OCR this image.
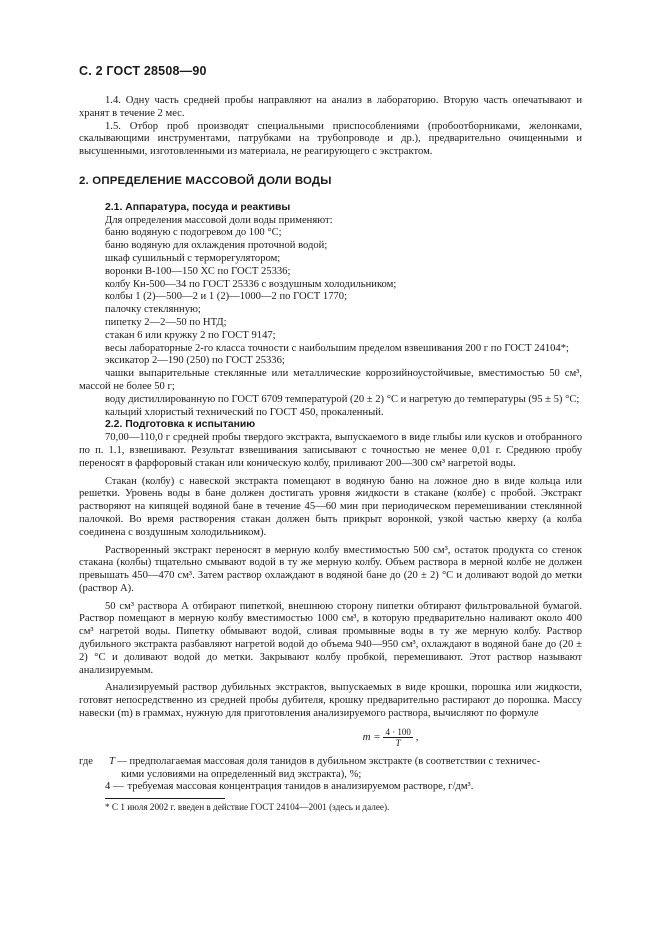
С. 2 ГОСТ 28508—90

1.4. Одну часть средней пробы направляют на анализ в лабораторию. Вторую часть опечатывают и хранят в течение 2 мес.

1.5. Отбор проб производят специальными приспособлениями (пробоотборниками, желонками, скалывающими инструментами, патрубками на трубопроводе и др.), предварительно очищенными и высушенными, изготовленными из материала, не реагирующего с экстрактом.

2. ОПРЕДЕЛЕНИЕ МАССОВОЙ ДОЛИ ВОДЫ

2.1. Аппаратура, посуда и реактивы

Для определения массовой доли воды применяют:

баню водяную с подогревом до 100 °С;

баню водяную для охлаждения проточной водой;

шкаф сушильный с терморегулятором;

воронки В-100—150 ХС по ГОСТ 25336;

колбу Кн-500—34 по ГОСТ 25336 с воздушным холодильником;

колбы 1 (2)—500—2 и 1 (2)—1000—2 по ГОСТ 1770;

палочку стеклянную;

пипетку 2—2—50 по НТД;

стакан 6 или кружку 2 по ГОСТ 9147;

весы лабораторные 2-го класса точности с наибольшим пределом взвешивания 200 г по ГОСТ 24104*;

эксикатор 2—190 (250) по ГОСТ 25336;

чашки выпарительные стеклянные или металлические коррозийноустойчивые, вместимостью 50 см³, массой не более 50 г;

воду дистиллированную по ГОСТ 6709 температурой (20 ± 2) °С и нагретую до температуры (95 ± 5) °С;

кальций хлористый технический по ГОСТ 450, прокаленный.

2.2. Подготовка к испытанию

70,00—110,0 г средней пробы твердого экстракта, выпускаемого в виде глыбы или кусков и отобранного по п. 1.1, взвешивают. Результат взвешивания записывают с точностью не менее 0,01 г. Среднюю пробу переносят в фарфоровый стакан или коническую колбу, приливают 200—300 см³ нагретой воды.

Стакан (колбу) с навеской экстракта помещают в водяную баню на ложное дно в виде кольца или решетки. Уровень воды в бане должен достигать уровня жидкости в стакане (колбе) с пробой. Экстракт растворяют на кипящей водяной бане в течение 45—60 мин при периодическом перемешивании стеклянной палочкой. Во время растворения стакан должен быть прикрыт воронкой, узкой частью кверху (а колба соединена с воздушным холодильником).

Растворенный экстракт переносят в мерную колбу вместимостью 500 см³, остаток продукта со стенок стакана (колбы) тщательно смывают водой в ту же мерную колбу. Объем раствора в мерной колбе не должен превышать 450—470 см³. Затем раствор охлаждают в водяной бане до (20 ± 2) °С и доливают водой до метки (раствор А).

50 см³ раствора А отбирают пипеткой, внешнюю сторону пипетки обтирают фильтровальной бумагой. Раствор помещают в мерную колбу вместимостью 1000 см³, в которую предварительно наливают около 400 см³ нагретой воды. Пипетку обмывают водой, сливая промывные воды в ту же мерную колбу. Раствор дубильного экстракта разбавляют нагретой водой до объема 940—950 см³, охлаждают в водяной бане до (20 ± 2) °С и доливают водой до метки. Закрывают колбу пробкой, перемешивают. Этот раствор называют анализируемым.

Анализируемый раствор дубильных экстрактов, выпускаемых в виде крошки, порошка или жидкости, готовят непосредственно из средней пробы дубителя, крошку предварительно растирают до порошка. Массу навески (m) в граммах, нужную для приготовления анализируемого раствора, вычисляют по формуле

$m = \frac{4 \cdot 100}{T}$ ,
где	T — предполагаемая массовая доля танидов в дубильном экстракте (в соответствии с техничес-
кими условиями на определенный вид экстракта), %;
4 — требуемая массовая концентрация танидов в анализируемом растворе, г/дм³.

* С 1 июля 2002 г. введен в действие ГОСТ 24104—2001 (здесь и далее).
